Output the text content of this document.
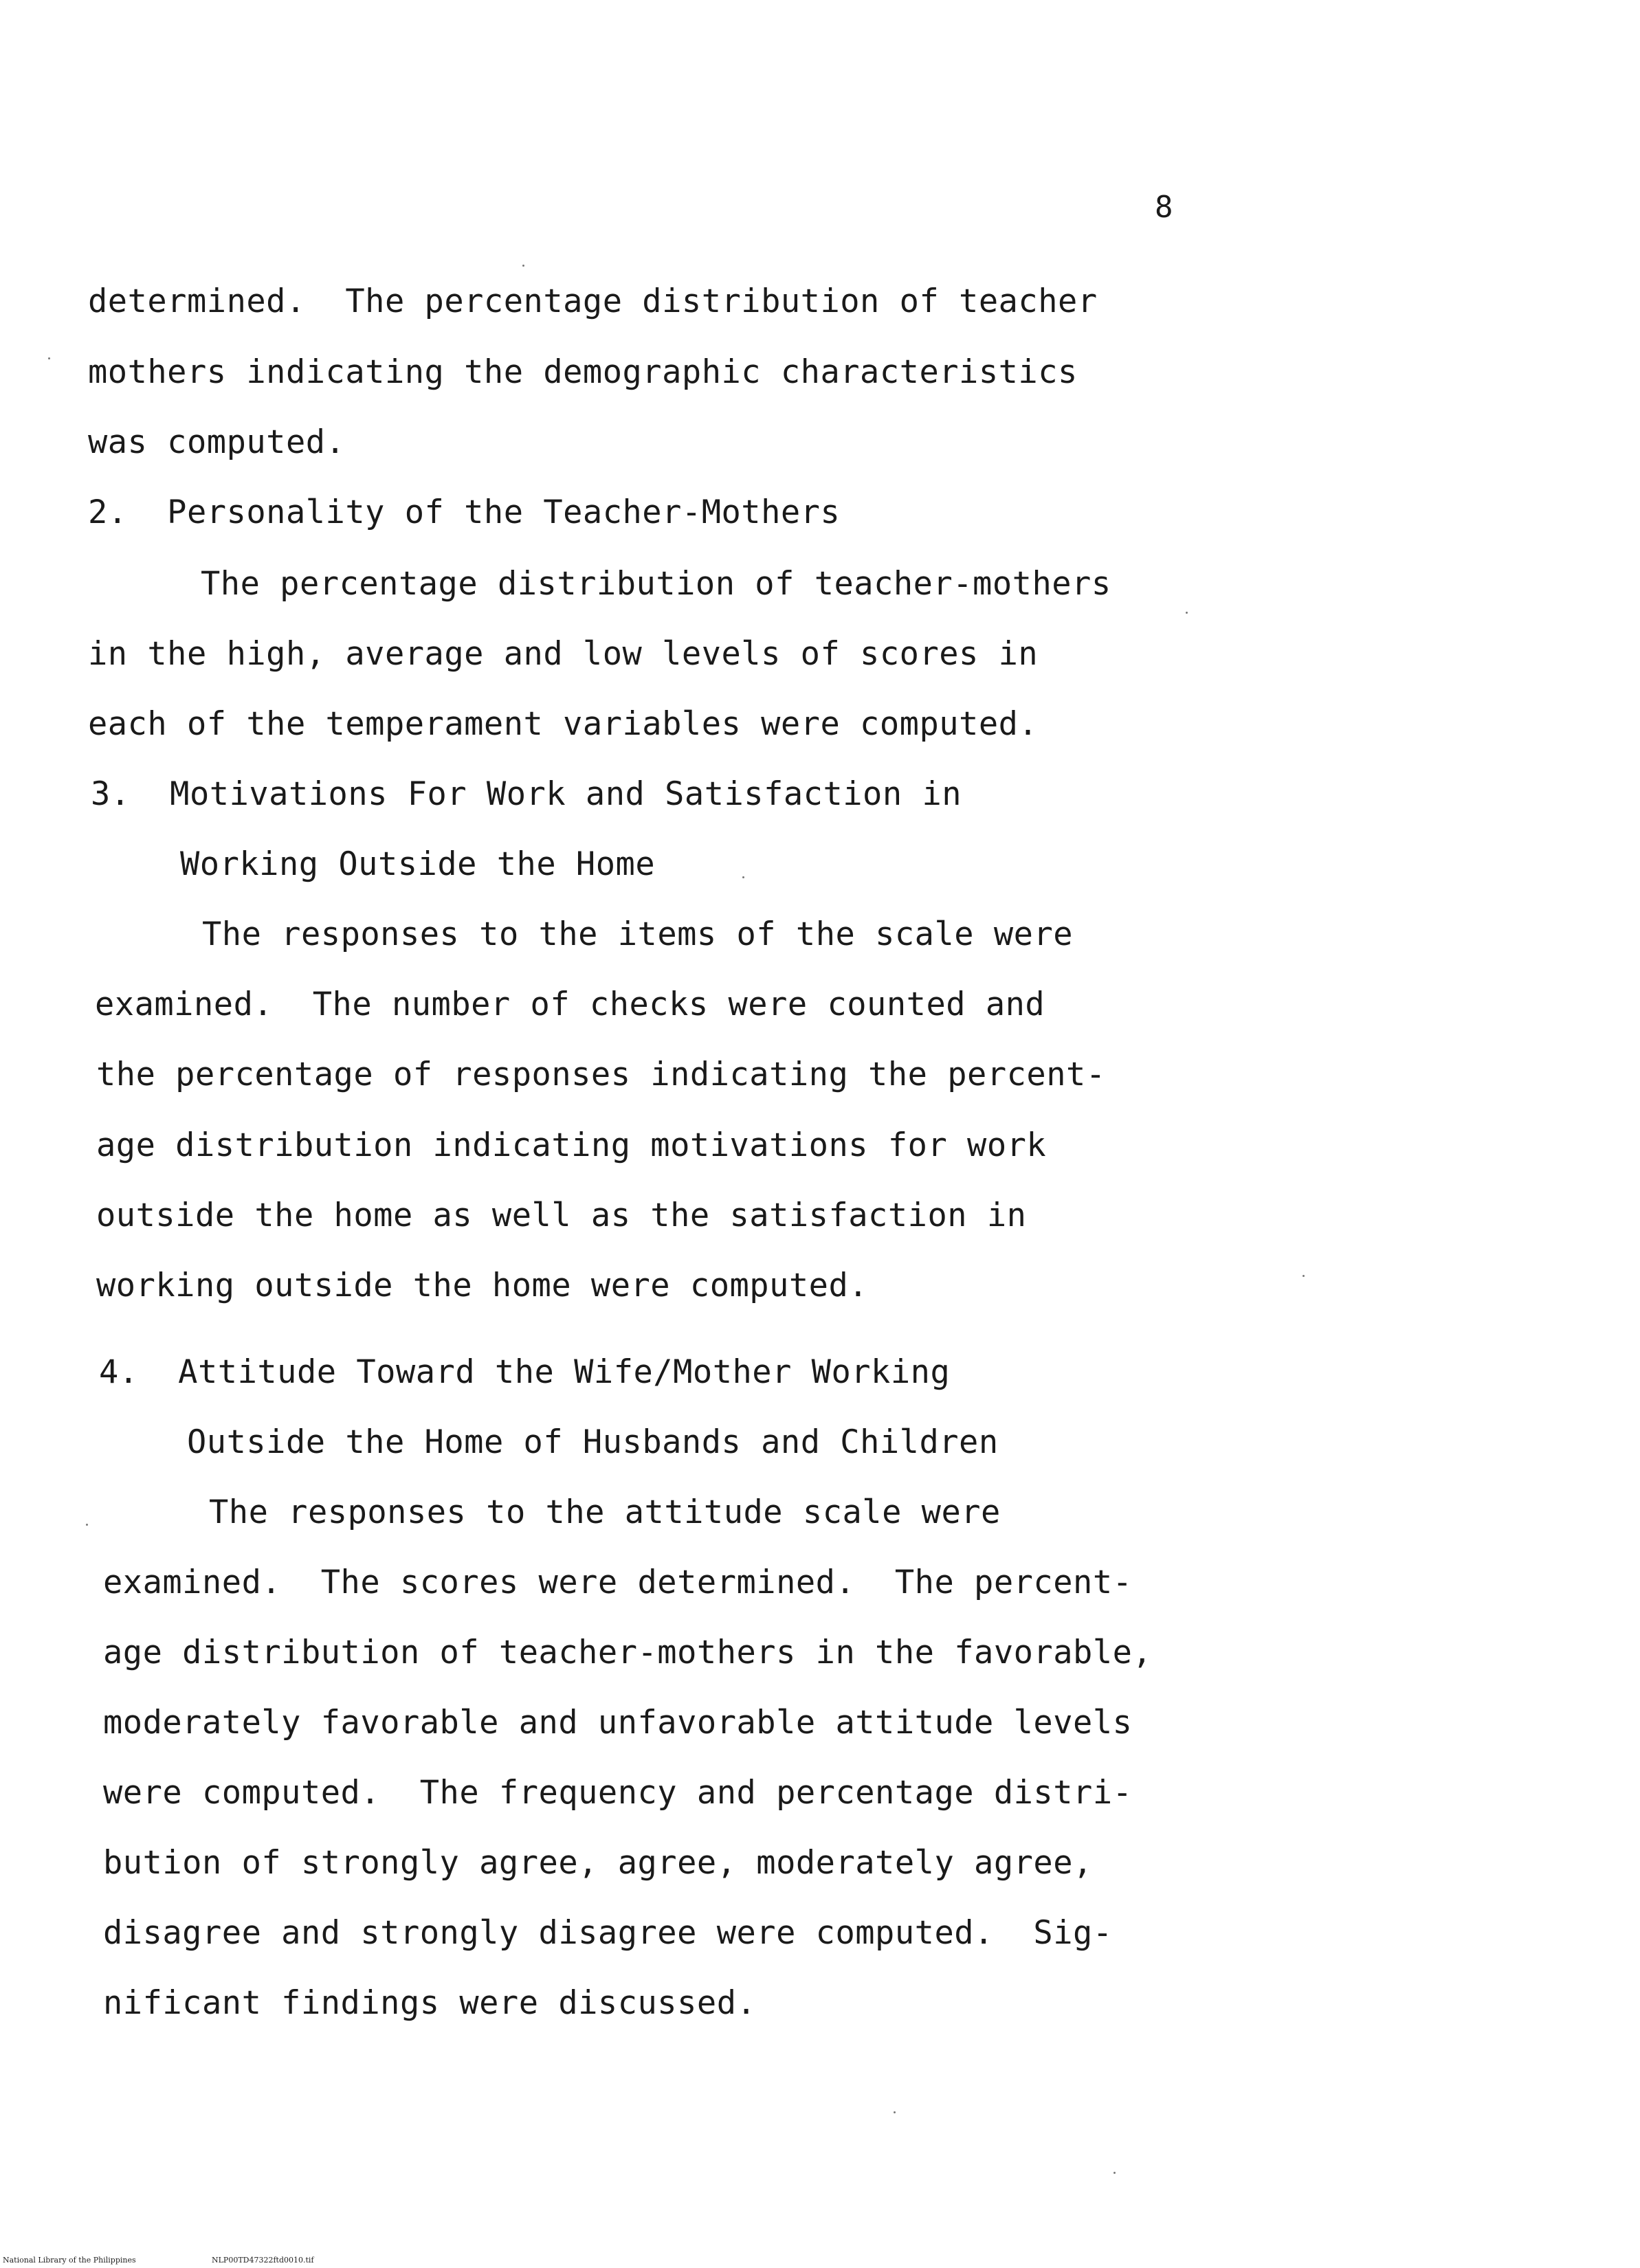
8
determined.  The percentage distribution of teacher
mothers indicating the demographic characteristics
was computed.
2.  Personality of the Teacher-Mothers
The percentage distribution of teacher-mothers
in the high, average and low levels of scores in
each of the temperament variables were computed.
3.  Motivations For Work and Satisfaction in
Working Outside the Home
The responses to the items of the scale were
examined.  The number of checks were counted and
the percentage of responses indicating the percent-
age distribution indicating motivations for work
outside the home as well as the satisfaction in
working outside the home were computed.
4.  Attitude Toward the Wife/Mother Working
Outside the Home of Husbands and Children
The responses to the attitude scale were
examined.  The scores were determined.  The percent-
age distribution of teacher-mothers in the favorable,
moderately favorable and unfavorable attitude levels
were computed.  The frequency and percentage distri-
bution of strongly agree, agree, moderately agree,
disagree and strongly disagree were computed.  Sig-
nificant findings were discussed.
National Library of the Philippines	NLP00TD47322ftd0010.tif
